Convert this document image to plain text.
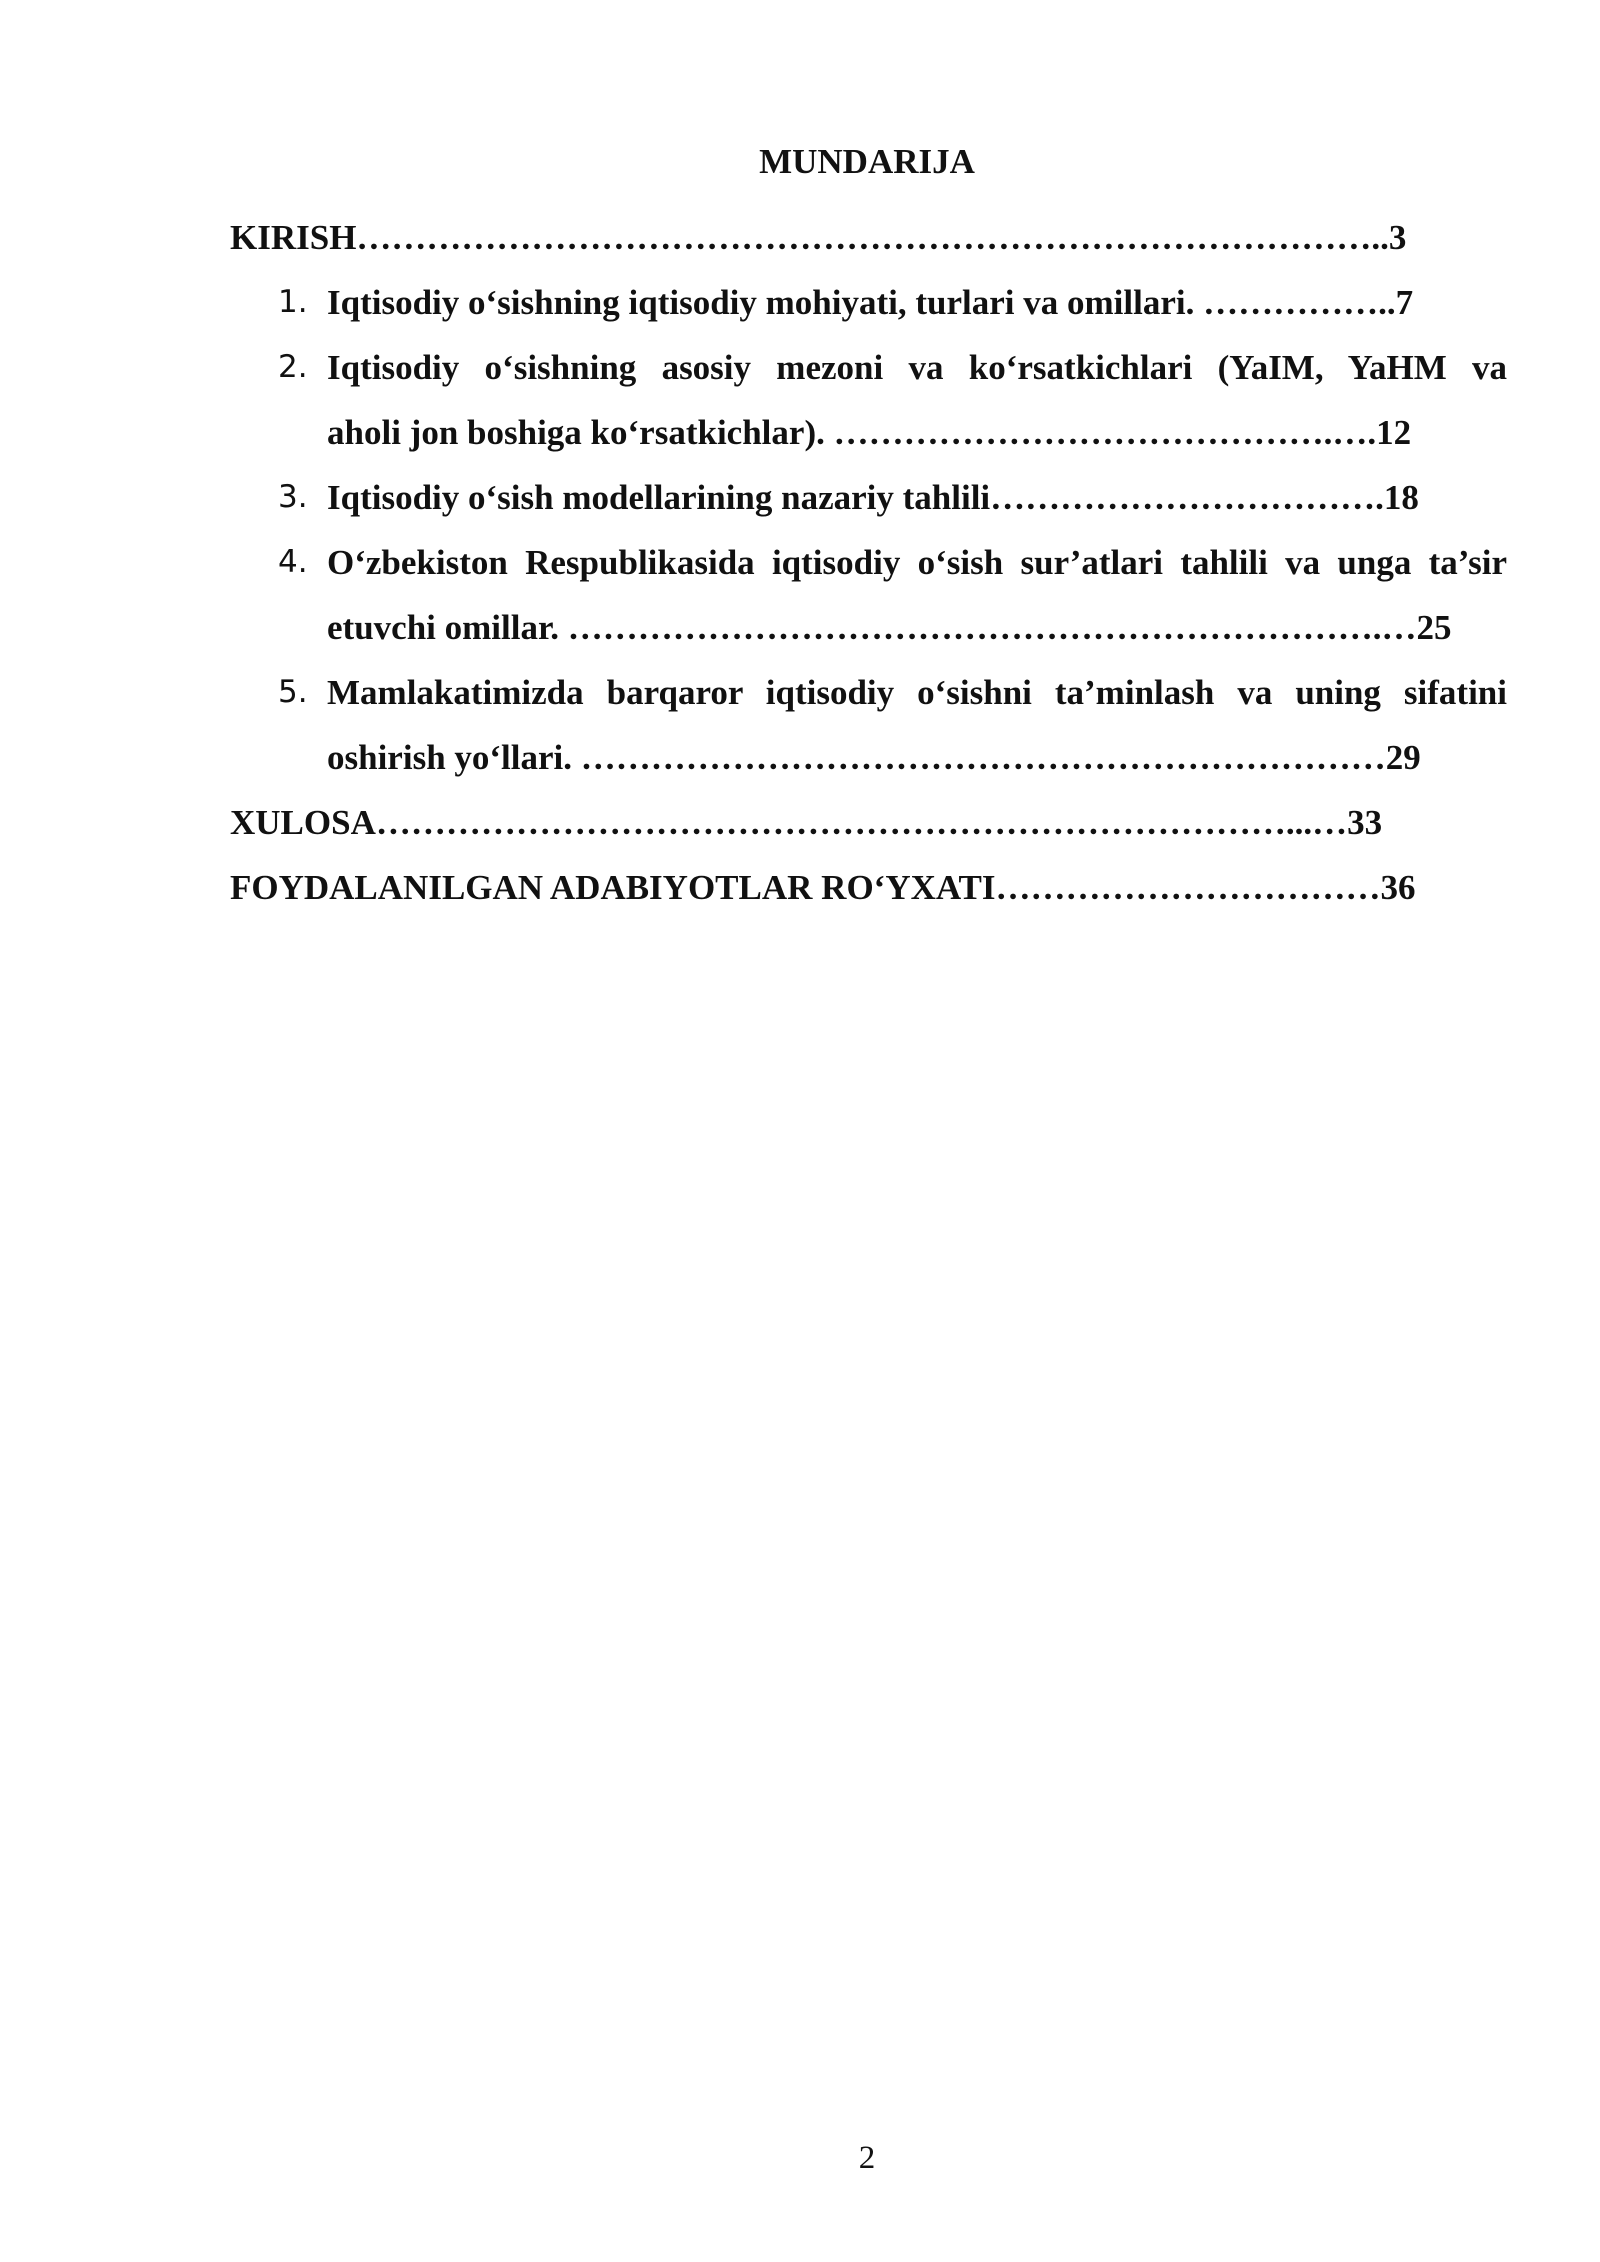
MUNDARIJA
KIRISH……………………………………………………………………………..3
1. Iqtisodiy o‘sishning iqtisodiy mohiyati, turlari va omillari. ……………..7
2. Iqtisodiy o‘sishning asosiy mezoni va ko‘rsatkichlari (YaIM, YaHM va
aholi jon boshiga ko‘rsatkichlar). …………………………………….….12
3. Iqtisodiy o‘sish modellarining nazariy tahlili…………………………….18
4. O‘zbekiston Respublikasida iqtisodiy o‘sish sur’atlari tahlili va unga ta’sir
etuvchi omillar. …………………………………………………………….…25
5. Mamlakatimizda barqaror iqtisodiy o‘sishni ta’minlash va uning sifatini
oshirish yo‘llari. ……………………………………………………………29
XULOSA……………………………………………………………………...…33
FOYDALANILGAN ADABIYOTLAR RO‘YXATI……………………………36
2
